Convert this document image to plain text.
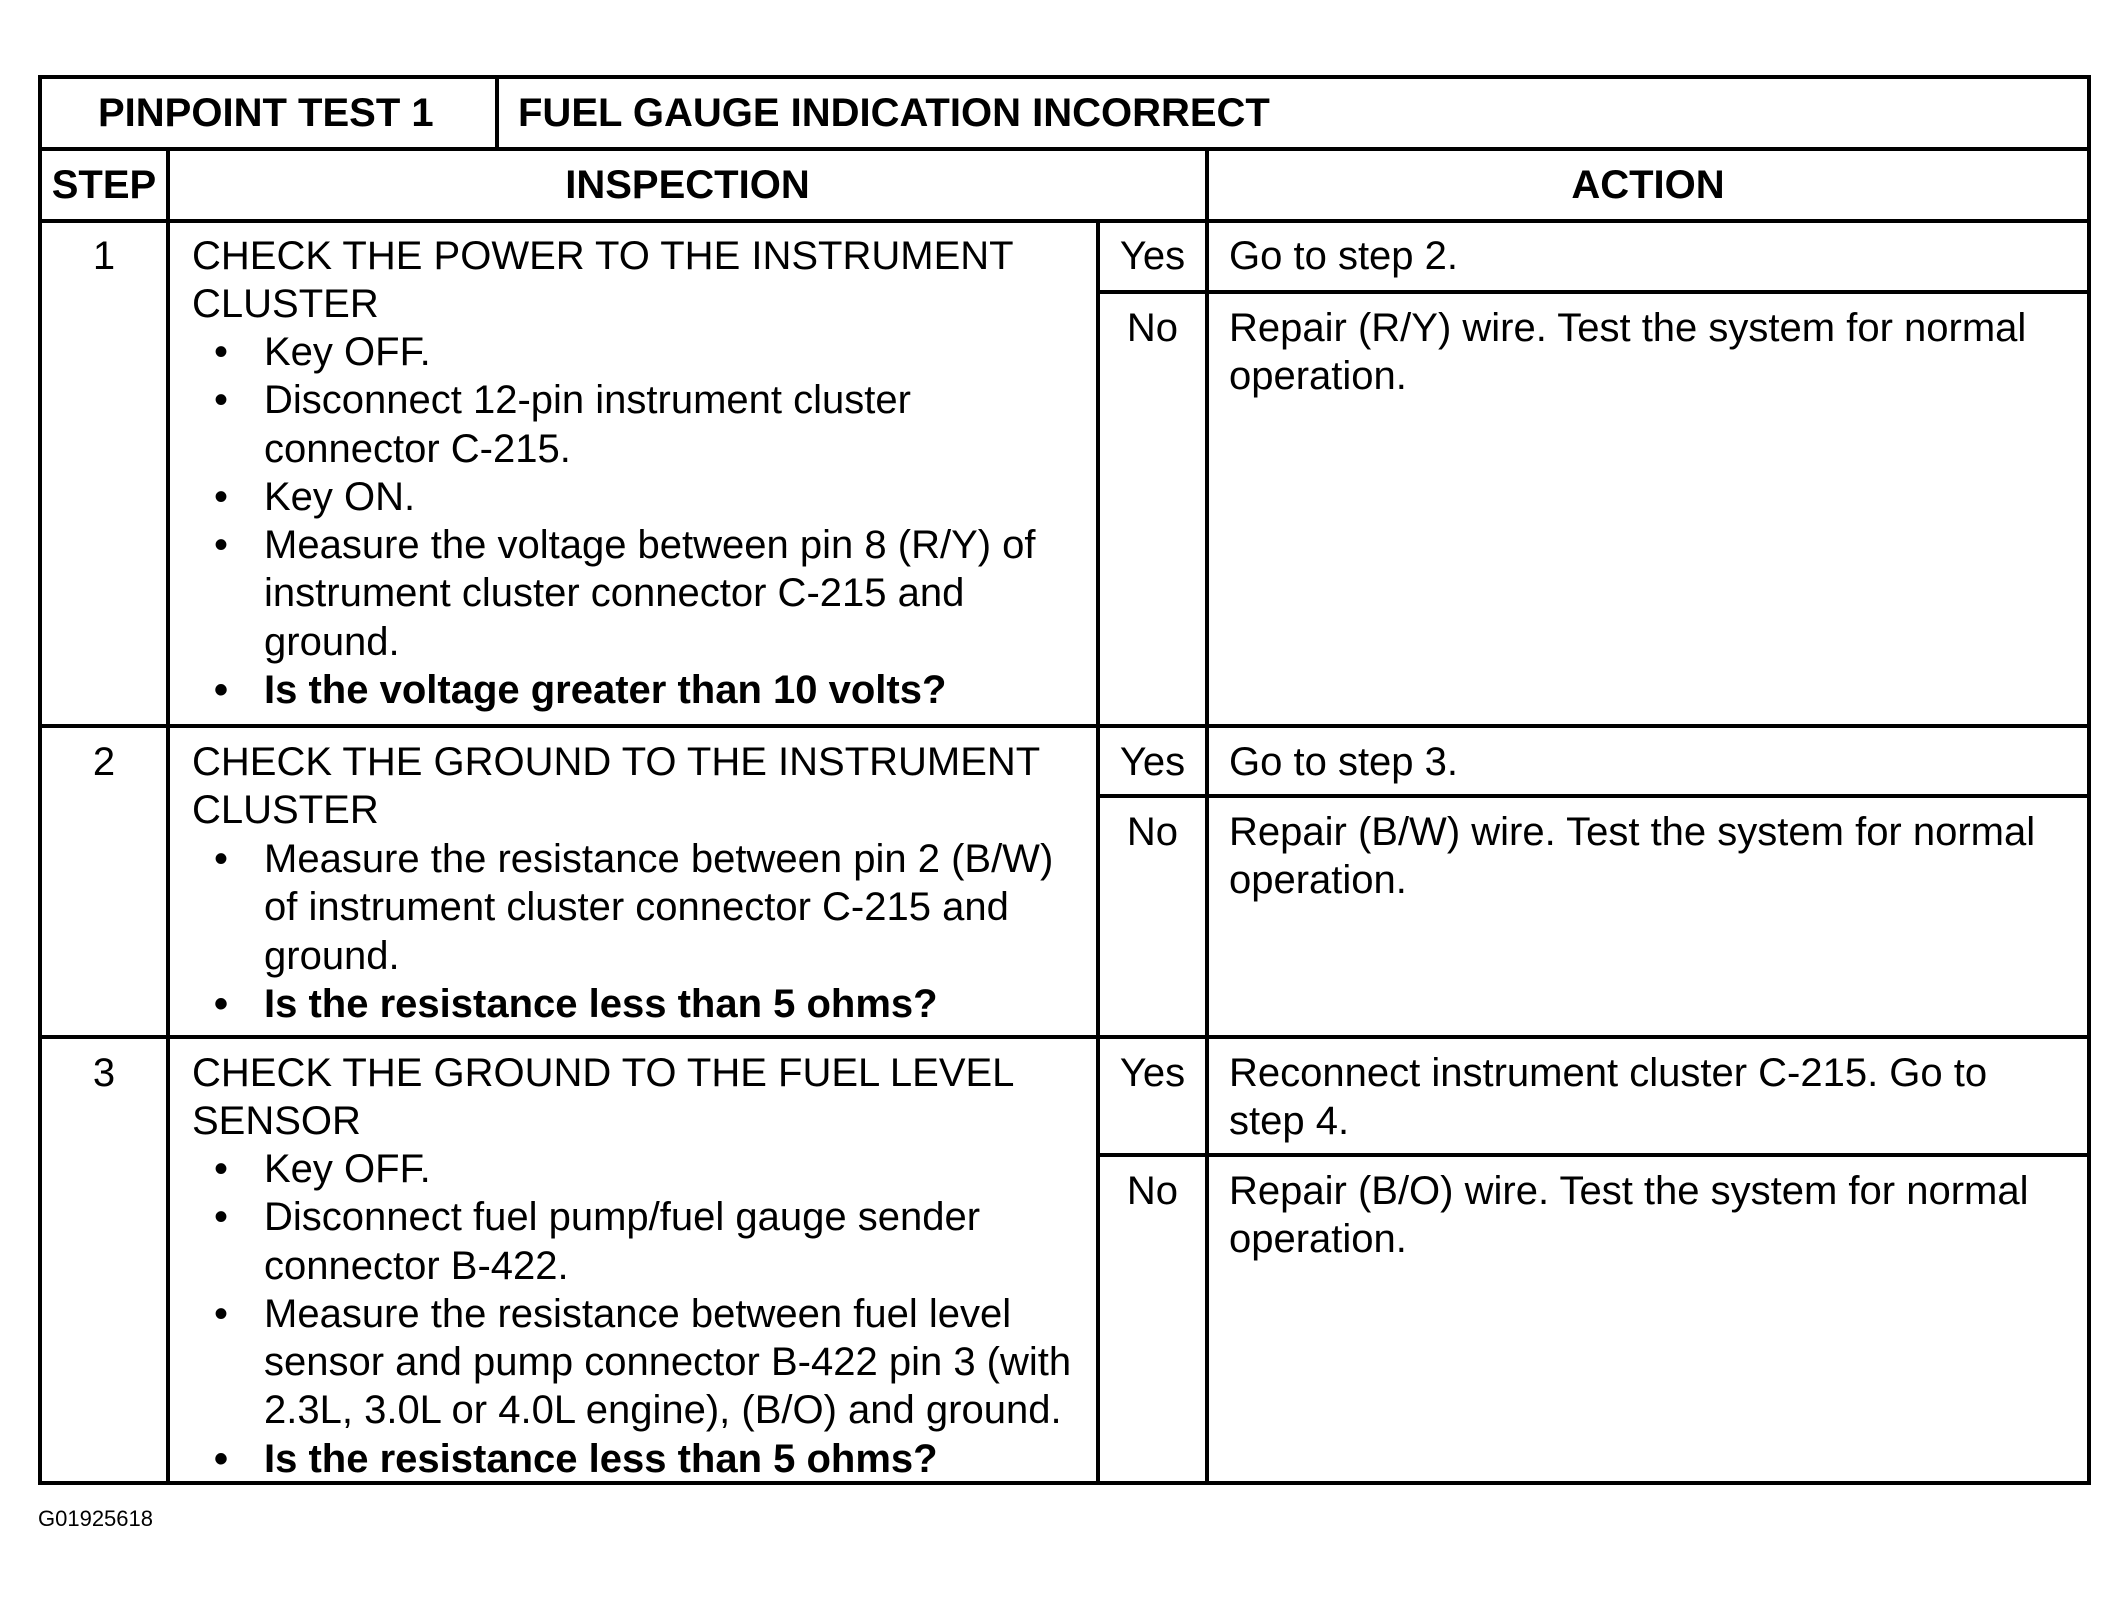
PINPOINT TEST 1 FUEL GAUGE INDICATION INCORRECT
STEP	INSPECTION	ACTION
1	CHECK THE POWER TO THE INSTRUMENT CLUSTER
• Key OFF.
• Disconnect 12-pin instrument cluster connector C-215.
• Key ON.
• Measure the voltage between pin 8 (R/Y) of instrument cluster connector C-215 and ground.
• Is the voltage greater than 10 volts?
Yes	Go to step 2.
No	Repair (R/Y) wire. Test the system for normal operation.
2	CHECK THE GROUND TO THE INSTRUMENT CLUSTER
• Measure the resistance between pin 2 (B/W) of instrument cluster connector C-215 and ground.
• Is the resistance less than 5 ohms?
Yes	Go to step 3.
No	Repair (B/W) wire. Test the system for normal operation.
3	CHECK THE GROUND TO THE FUEL LEVEL SENSOR
• Key OFF.
• Disconnect fuel pump/fuel gauge sender connector B-422.
• Measure the resistance between fuel level sensor and pump connector B-422 pin 3 (with 2.3L, 3.0L or 4.0L engine), (B/O) and ground.
• Is the resistance less than 5 ohms?
Yes	Reconnect instrument cluster C-215. Go to step 4.
No	Repair (B/O) wire. Test the system for normal operation.
G01925618
